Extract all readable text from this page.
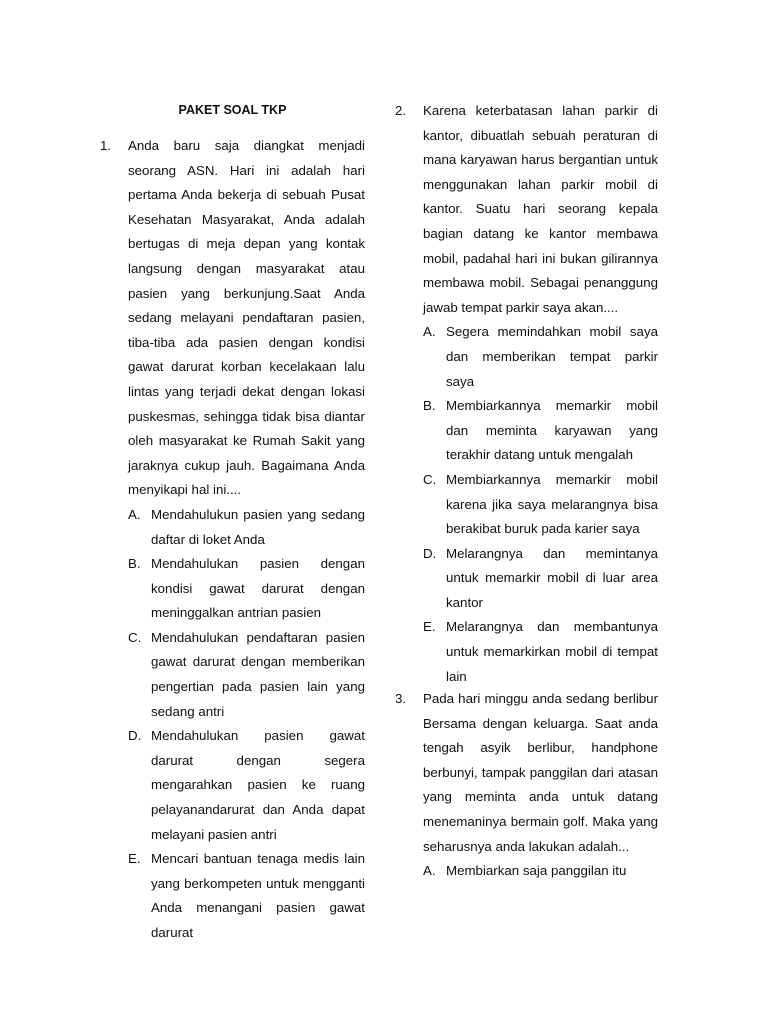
PAKET SOAL TKP
1. Anda baru saja diangkat menjadi seorang ASN. Hari ini adalah hari pertama Anda bekerja di sebuah Pusat Kesehatan Masyarakat, Anda adalah bertugas di meja depan yang kontak langsung dengan masyarakat atau pasien yang berkunjung.Saat Anda sedang melayani pendaftaran pasien, tiba-tiba ada pasien dengan kondisi gawat darurat korban kecelakaan lalu lintas yang terjadi dekat dengan lokasi puskesmas, sehingga tidak bisa diantar oleh masyarakat ke Rumah Sakit yang jaraknya cukup jauh. Bagaimana Anda menyikapi hal ini....
A. Mendahulukun pasien yang sedang daftar di loket Anda
B. Mendahulukan pasien dengan kondisi gawat darurat dengan meninggalkan antrian pasien
C. Mendahulukan pendaftaran pasien gawat darurat dengan memberikan pengertian pada pasien lain yang sedang antri
D. Mendahulukan pasien gawat darurat dengan segera mengarahkan pasien ke ruang pelayanandarurat dan Anda dapat melayani pasien antri
E. Mencari bantuan tenaga medis lain yang berkompeten untuk mengganti Anda menangani pasien gawat darurat
2. Karena keterbatasan lahan parkir di kantor, dibuatlah sebuah peraturan di mana karyawan harus bergantian untuk menggunakan lahan parkir mobil di kantor. Suatu hari seorang kepala bagian datang ke kantor membawa mobil, padahal hari ini bukan gilirannya membawa mobil. Sebagai penanggung jawab tempat parkir saya akan....
A. Segera memindahkan mobil saya dan memberikan tempat parkir saya
B. Membiarkannya memarkir mobil dan meminta karyawan yang terakhir datang untuk mengalah
C. Membiarkannya memarkir mobil karena jika saya melarangnya bisa berakibat buruk pada karier saya
D. Melarangnya dan memintanya untuk memarkir mobil di luar area kantor
E. Melarangnya dan membantunya untuk memarkirkan mobil di tempat lain
3. Pada hari minggu anda sedang berlibur Bersama dengan keluarga. Saat anda tengah asyik berlibur, handphone berbunyi, tampak panggilan dari atasan yang meminta anda untuk datang menemaninya bermain golf. Maka yang seharusnya anda lakukan adalah...
A. Membiarkan saja panggilan itu
